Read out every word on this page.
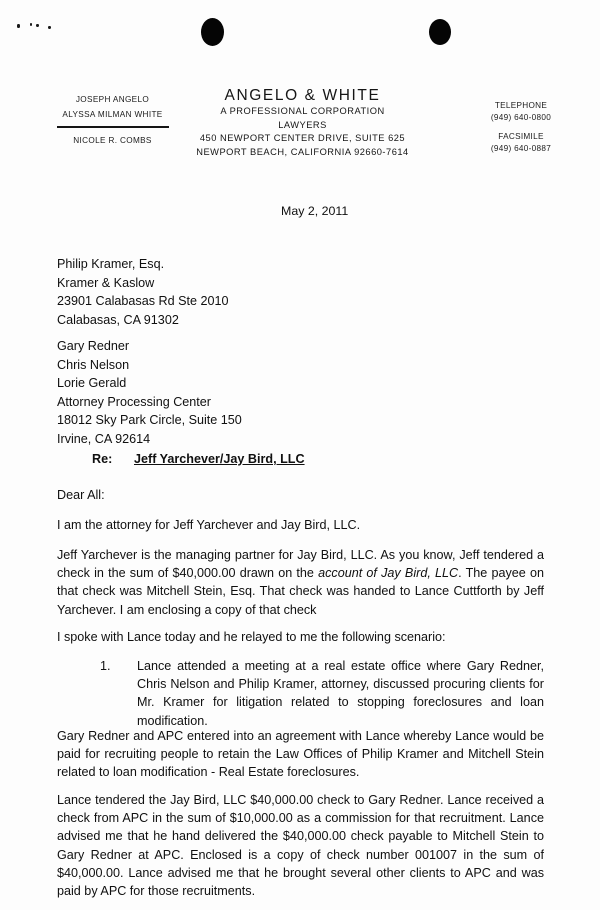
JOSEPH ANGELO
ALYSSA MILMAN WHITE
NICOLE R. COMBS
ANGELO & WHITE
A PROFESSIONAL CORPORATION
LAWYERS
450 NEWPORT CENTER DRIVE, SUITE 625
NEWPORT BEACH, CALIFORNIA 92660-7614
TELEPHONE
(949) 640-0800
FACSIMILE
(949) 640-0887
May 2, 2011
Philip Kramer, Esq.
Kramer & Kaslow
23901 Calabasas Rd Ste 2010
Calabasas, CA 91302
Gary Redner
Chris Nelson
Lorie Gerald
Attorney Processing Center
18012 Sky Park Circle, Suite 150
Irvine, CA 92614
Re: Jeff Yarchever/Jay Bird, LLC
Dear All:
I am the attorney for Jeff Yarchever and Jay Bird, LLC.
Jeff Yarchever is the managing partner for Jay Bird, LLC. As you know, Jeff tendered a check in the sum of $40,000.00 drawn on the account of Jay Bird, LLC. The payee on that check was Mitchell Stein, Esq. That check was handed to Lance Cuttforth by Jeff Yarchever. I am enclosing a copy of that check
I spoke with Lance today and he relayed to me the following scenario:
1.	Lance attended a meeting at a real estate office where Gary Redner, Chris Nelson and Philip Kramer, attorney, discussed procuring clients for Mr. Kramer for litigation related to stopping foreclosures and loan modification.
Gary Redner and APC entered into an agreement with Lance whereby Lance would be paid for recruiting people to retain the Law Offices of Philip Kramer and Mitchell Stein related to loan modification - Real Estate foreclosures.
Lance tendered the Jay Bird, LLC $40,000.00 check to Gary Redner. Lance received a check from APC in the sum of $10,000.00 as a commission for that recruitment. Lance advised me that he hand delivered the $40,000.00 check payable to Mitchell Stein to Gary Redner at APC. Enclosed is a copy of check number 001007 in the sum of $40,000.00. Lance advised me that he brought several other clients to APC and was paid by APC for those recruitments.
